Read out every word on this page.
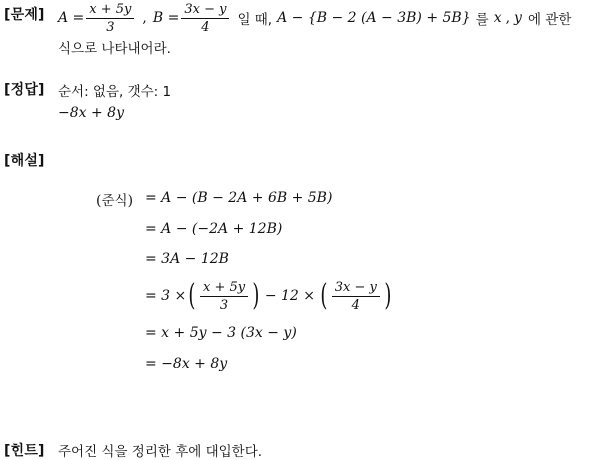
[문제] $A = \frac{x + 5y}{3}$ , $B = \frac{3x - y}{4}$ 일 때, A − {B − 2 (A − 3B) + 5B} 를 x , y 에 관한
식으로 나타내어라.
[정답] 순서: 없음, 갯수: 1
−8x + 8y
[해설]
(준식) = A − (B − 2A + 6B + 5B)
= A − (−2A + 12B)
= 3A − 12B
= 3 × ( $\frac{x + 5y}{3}$ ) − 12 × ( $\frac{3x - y}{4}$ )
= x + 5y − 3 (3x − y)
= −8x + 8y
[힌트] 주어진 식을 정리한 후에 대입한다.
